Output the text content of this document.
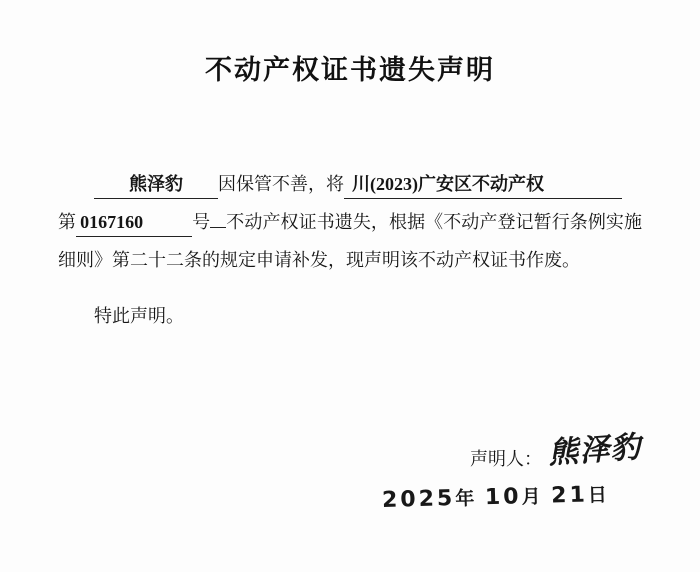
不动产权证书遗失声明

熊泽豹 因保管不善，将 川(2023)广安区不动产权
第 0167160	号 不动产权证书遗失，根据《不动产登记暂行条例实施细则》第二十二条的规定申请补发，现声明该不动产权证书作废。

特此声明。

声明人： 熊泽豹
2025年 10月 21日
